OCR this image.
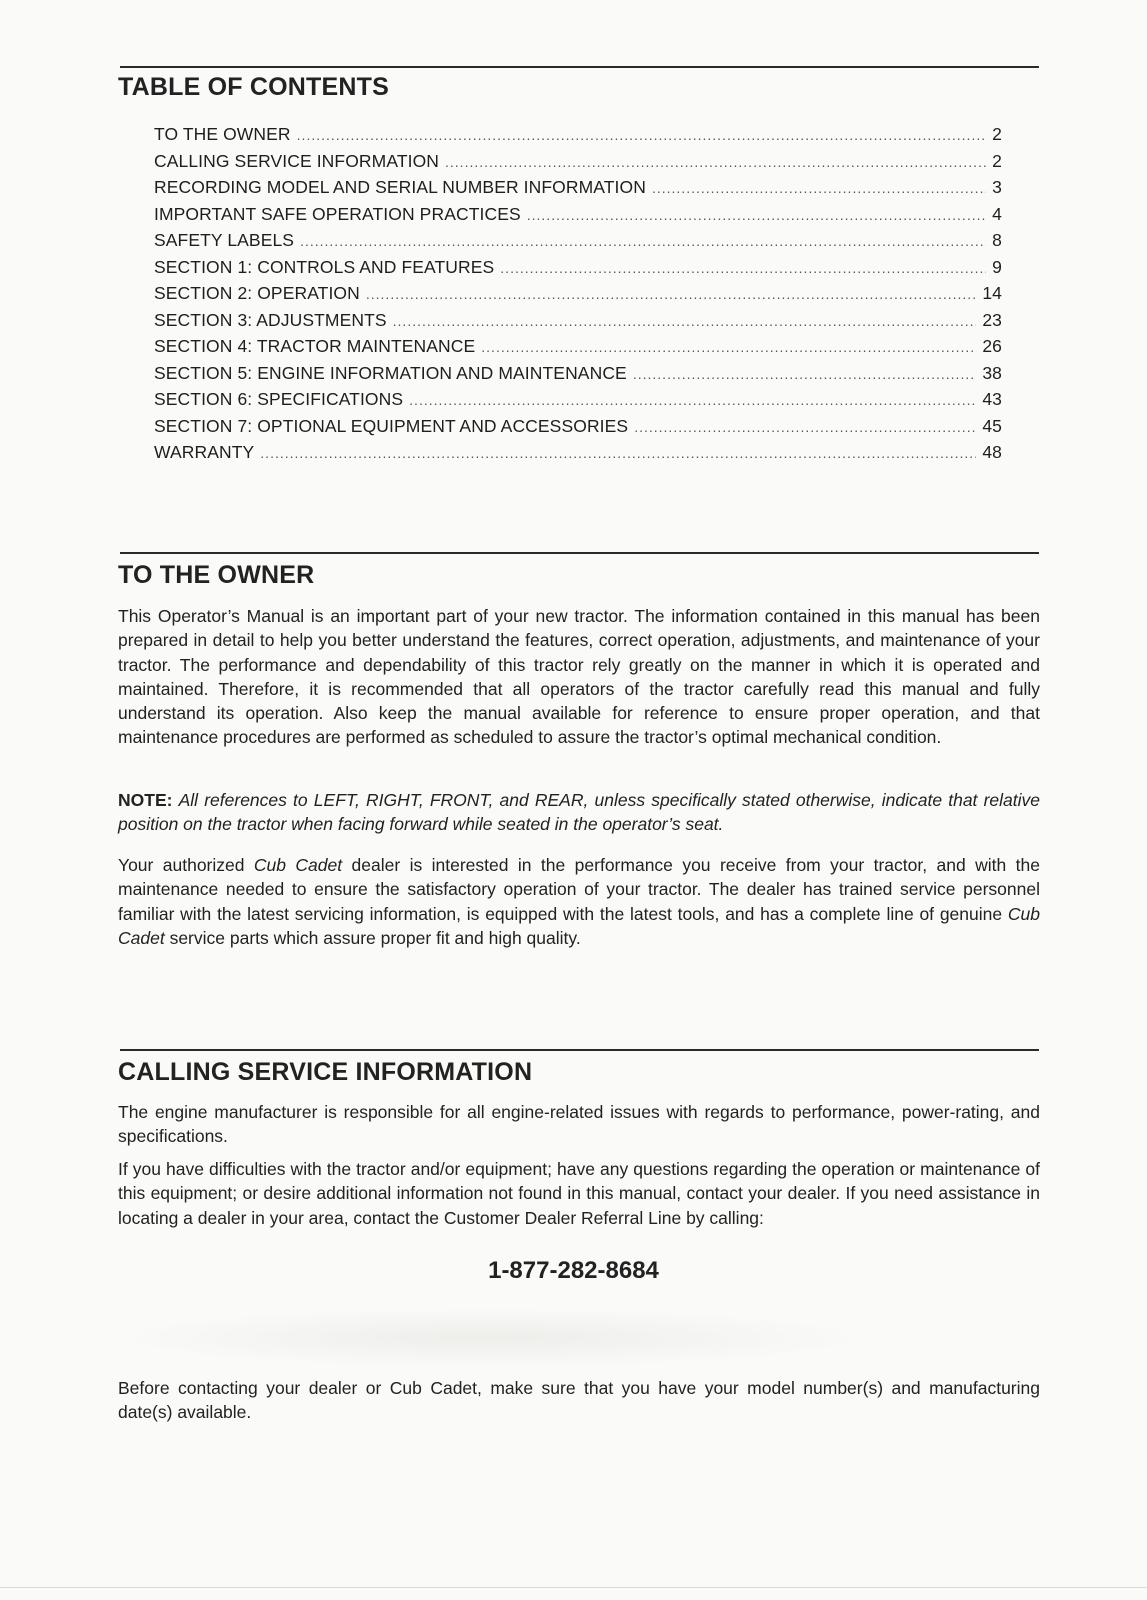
TABLE OF CONTENTS
TO THE OWNER .....	2
CALLING SERVICE INFORMATION .....	2
RECORDING MODEL AND SERIAL NUMBER INFORMATION .....	3
IMPORTANT SAFE OPERATION PRACTICES .....	4
SAFETY LABELS .....	8
SECTION 1: CONTROLS AND FEATURES .....	9
SECTION 2: OPERATION .....	14
SECTION 3: ADJUSTMENTS .....	23
SECTION 4: TRACTOR MAINTENANCE .....	26
SECTION 5: ENGINE INFORMATION AND MAINTENANCE .....	38
SECTION 6: SPECIFICATIONS .....	43
SECTION 7: OPTIONAL EQUIPMENT AND ACCESSORIES .....	45
WARRANTY .....	48
TO THE OWNER

This Operator’s Manual is an important part of your new tractor. The information contained in this manual has been prepared in detail to help you better understand the features, correct operation, adjustments, and maintenance of your tractor. The performance and dependability of this tractor rely greatly on the manner in which it is operated and maintained. Therefore, it is recommended that all operators of the tractor carefully read this manual and fully understand its operation. Also keep the manual available for reference to ensure proper operation, and that maintenance procedures are performed as scheduled to assure the tractor’s optimal mechanical condition.

NOTE: All references to LEFT, RIGHT, FRONT, and REAR, unless specifically stated otherwise, indicate that relative position on the tractor when facing forward while seated in the operator’s seat.

Your authorized Cub Cadet dealer is interested in the performance you receive from your tractor, and with the maintenance needed to ensure the satisfactory operation of your tractor. The dealer has trained service personnel familiar with the latest servicing information, is equipped with the latest tools, and has a complete line of genuine Cub Cadet service parts which assure proper fit and high quality.

CALLING SERVICE INFORMATION

The engine manufacturer is responsible for all engine-related issues with regards to performance, power-rating, and specifications.

If you have difficulties with the tractor and/or equipment; have any questions regarding the operation or maintenance of this equipment; or desire additional information not found in this manual, contact your dealer. If you need assistance in locating a dealer in your area, contact the Customer Dealer Referral Line by calling:

1-877-282-8684

Before contacting your dealer or Cub Cadet, make sure that you have your model number(s) and manufacturing date(s) available.
